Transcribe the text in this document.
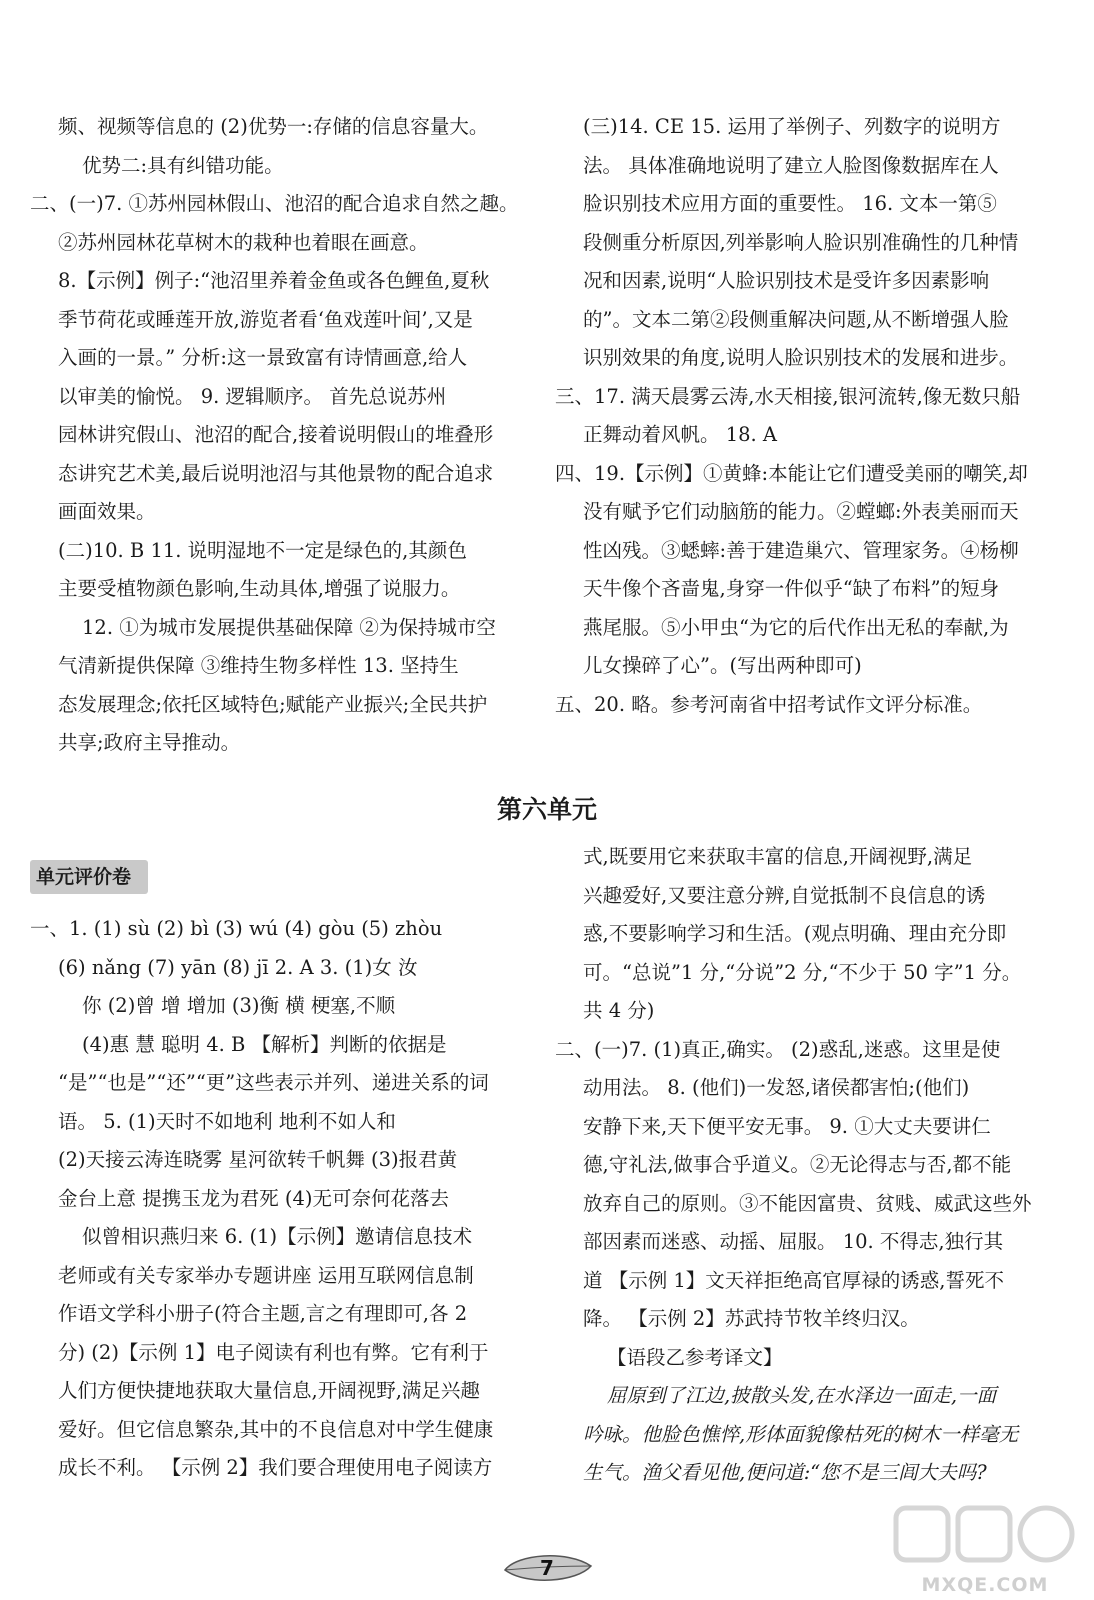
频、视频等信息的 (2)优势一:存储的信息容量大。
优势二:具有纠错功能。
二、(一)7. ①苏州园林假山、池沼的配合追求自然之趣。
②苏州园林花草树木的栽种也着眼在画意。
8.【示例】例子:“池沼里养着金鱼或各色鲤鱼,夏秋
季节荷花或睡莲开放,游览者看‘鱼戏莲叶间’,又是
入画的一景。” 分析:这一景致富有诗情画意,给人
以审美的愉悦。 9. 逻辑顺序。 首先总说苏州
园林讲究假山、池沼的配合,接着说明假山的堆叠形
态讲究艺术美,最后说明池沼与其他景物的配合追求
画面效果。
(二)10. B 11. 说明湿地不一定是绿色的,其颜色
主要受植物颜色影响,生动具体,增强了说服力。
12. ①为城市发展提供基础保障 ②为保持城市空
气清新提供保障 ③维持生物多样性 13. 坚持生
态发展理念;依托区域特色;赋能产业振兴;全民共护
共享;政府主导推动。
(三)14. CE 15. 运用了举例子、列数字的说明方
法。 具体准确地说明了建立人脸图像数据库在人
脸识别技术应用方面的重要性。 16. 文本一第⑤
段侧重分析原因,列举影响人脸识别准确性的几种情
况和因素,说明“人脸识别技术是受许多因素影响
的”。文本二第②段侧重解决问题,从不断增强人脸
识别效果的角度,说明人脸识别技术的发展和进步。
三、17. 满天晨雾云涛,水天相接,银河流转,像无数只船
正舞动着风帆。 18. A
四、19.【示例】①黄蜂:本能让它们遭受美丽的嘲笑,却
没有赋予它们动脑筋的能力。②螳螂:外表美丽而天
性凶残。③蟋蟀:善于建造巢穴、管理家务。④杨柳
天牛像个吝啬鬼,身穿一件似乎“缺了布料”的短身
燕尾服。⑤小甲虫“为它的后代作出无私的奉献,为
儿女操碎了心”。(写出两种即可)
五、20. 略。参考河南省中招考试作文评分标准。
第六单元
单元评价卷
一、1. (1) sù (2) bì (3) wú (4) gòu (5) zhòu
(6) nǎng (7) yān (8) jī 2. A 3. (1)女 汝
你 (2)曾 增 增加 (3)衡 横 梗塞,不顺
(4)惠 慧 聪明 4. B 【解析】判断的依据是
“是”“也是”“还”“更”这些表示并列、递进关系的词
语。 5. (1)天时不如地利 地利不如人和
(2)天接云涛连晓雾 星河欲转千帆舞 (3)报君黄
金台上意 提携玉龙为君死 (4)无可奈何花落去
似曾相识燕归来 6. (1)【示例】邀请信息技术
老师或有关专家举办专题讲座 运用互联网信息制
作语文学科小册子(符合主题,言之有理即可,各 2
分) (2)【示例 1】电子阅读有利也有弊。它有利于
人们方便快捷地获取大量信息,开阔视野,满足兴趣
爱好。但它信息繁杂,其中的不良信息对中学生健康
成长不利。 【示例 2】我们要合理使用电子阅读方
式,既要用它来获取丰富的信息,开阔视野,满足
兴趣爱好,又要注意分辨,自觉抵制不良信息的诱
惑,不要影响学习和生活。(观点明确、理由充分即
可。“总说”1 分,“分说”2 分,“不少于 50 字”1 分。
共 4 分)
二、(一)7. (1)真正,确实。 (2)惑乱,迷惑。这里是使
动用法。 8. (他们)一发怒,诸侯都害怕;(他们)
安静下来,天下便平安无事。 9. ①大丈夫要讲仁
德,守礼法,做事合乎道义。②无论得志与否,都不能
放弃自己的原则。③不能因富贵、贫贱、威武这些外
部因素而迷惑、动摇、屈服。 10. 不得志,独行其
道 【示例 1】文天祥拒绝高官厚禄的诱惑,誓死不
降。 【示例 2】苏武持节牧羊终归汉。
【语段乙参考译文】
屈原到了江边,披散头发,在水泽边一面走,一面
吟咏。他脸色憔悴,形体面貌像枯死的树木一样毫无
生气。渔父看见他,便问道:“您不是三闾大夫吗?
7
MXQE.COM
